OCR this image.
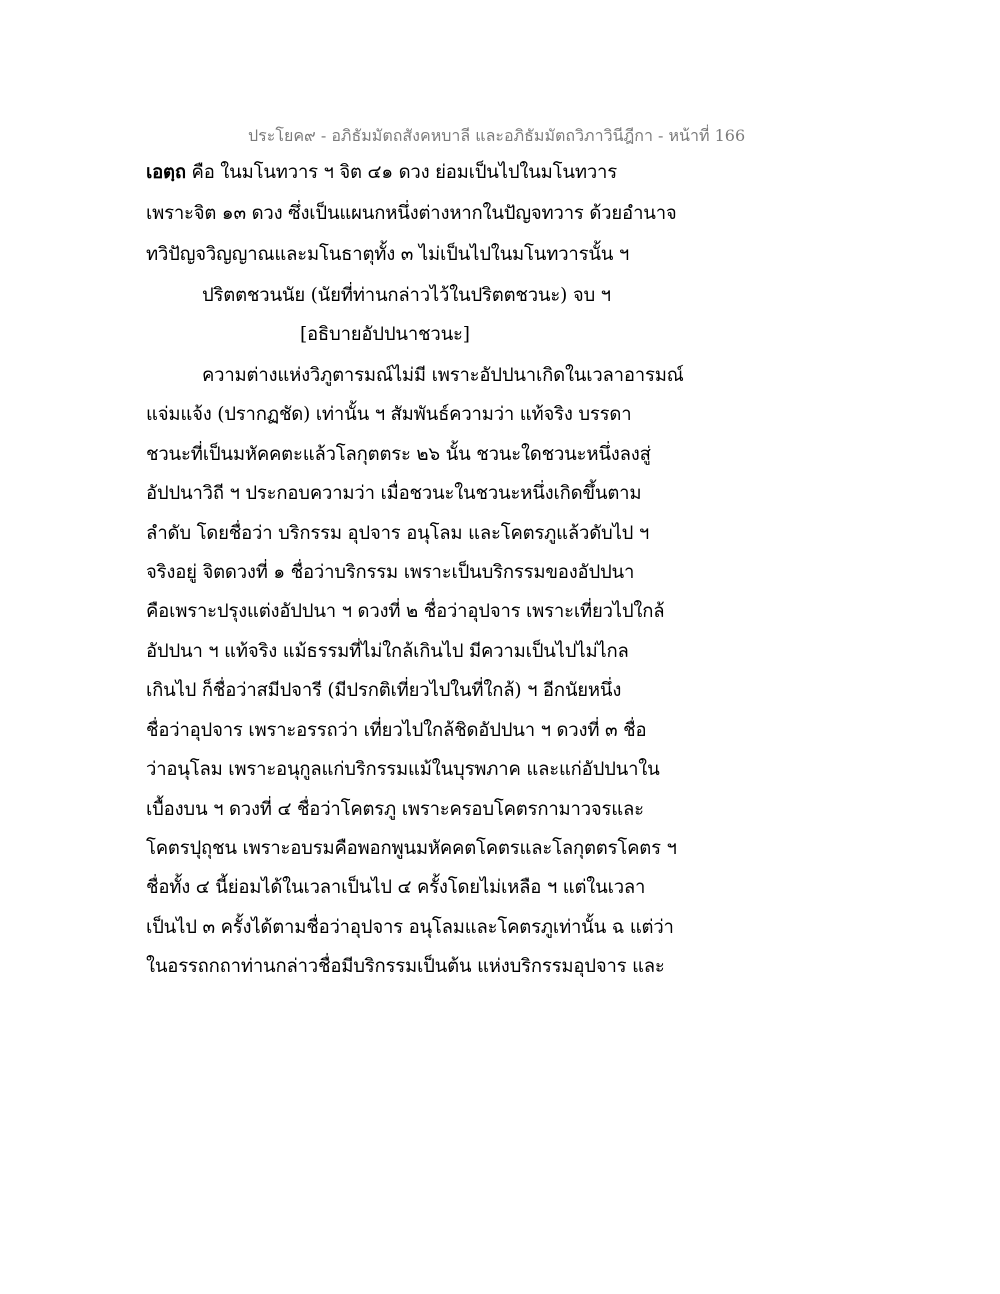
ประโยค๙ - อภิธัมมัตถสังคหบาลี และอภิธัมมัตถวิภาวินีฎีกา - หน้าที่ 166
เอตฺถ คือ ในมโนทวาร ฯ จิต ๔๑ ดวง ย่อมเป็นไปในมโนทวาร
เพราะจิต ๑๓ ดวง ซึ่งเป็นแผนกหนึ่งต่างหากในปัญจทวาร ด้วยอำนาจ
ทวิปัญจวิญญาณและมโนธาตุทั้ง ๓ ไม่เป็นไปในมโนทวารนั้น ฯ
ปริตตชวนนัย (นัยที่ท่านกล่าวไว้ในปริตตชวนะ) จบ ฯ
[อธิบายอัปปนาชวนะ]
ความต่างแห่งวิภูตารมณ์ไม่มี เพราะอัปปนาเกิดในเวลาอารมณ์
แจ่มแจ้ง (ปรากฏชัด) เท่านั้น ฯ สัมพันธ์ความว่า แท้จริง บรรดา
ชวนะที่เป็นมหัคคตะแล้วโลกุตตระ ๒๖ นั้น ชวนะใดชวนะหนึ่งลงสู่
อัปปนาวิถี ฯ ประกอบความว่า เมื่อชวนะในชวนะหนึ่งเกิดขึ้นตาม
ลำดับ โดยชื่อว่า บริกรรม อุปจาร อนุโลม และโคตรภูแล้วดับไป ฯ
จริงอยู่ จิตดวงที่ ๑ ชื่อว่าบริกรรม เพราะเป็นบริกรรมของอัปปนา
คือเพราะปรุงแต่งอัปปนา ฯ ดวงที่ ๒ ชื่อว่าอุปจาร เพราะเที่ยวไปใกล้
อัปปนา ฯ แท้จริง แม้ธรรมที่ไม่ใกล้เกินไป มีความเป็นไปไม่ไกล
เกินไป ก็ชื่อว่าสมีปจารี (มีปรกติเที่ยวไปในที่ใกล้) ฯ อีกนัยหนึ่ง
ชื่อว่าอุปจาร เพราะอรรถว่า เที่ยวไปใกล้ชิดอัปปนา ฯ ดวงที่ ๓ ชื่อ
ว่าอนุโลม เพราะอนุกูลแก่บริกรรมแม้ในบุรพภาค และแก่อัปปนาใน
เบื้องบน ฯ ดวงที่ ๔ ชื่อว่าโคตรภู เพราะครอบโคตรกามาวจรและ
โคตรปุถุชน เพราะอบรมคือพอกพูนมหัคคตโคตรและโลกุตตรโคตร ฯ
ชื่อทั้ง ๔ นี้ย่อมได้ในเวลาเป็นไป ๔ ครั้งโดยไม่เหลือ ฯ แต่ในเวลา
เป็นไป ๓ ครั้งได้ตามชื่อว่าอุปจาร อนุโลมและโคตรภูเท่านั้น ฉ แต่ว่า
ในอรรถกถาท่านกล่าวชื่อมีบริกรรมเป็นต้น แห่งบริกรรมอุปจาร และ
